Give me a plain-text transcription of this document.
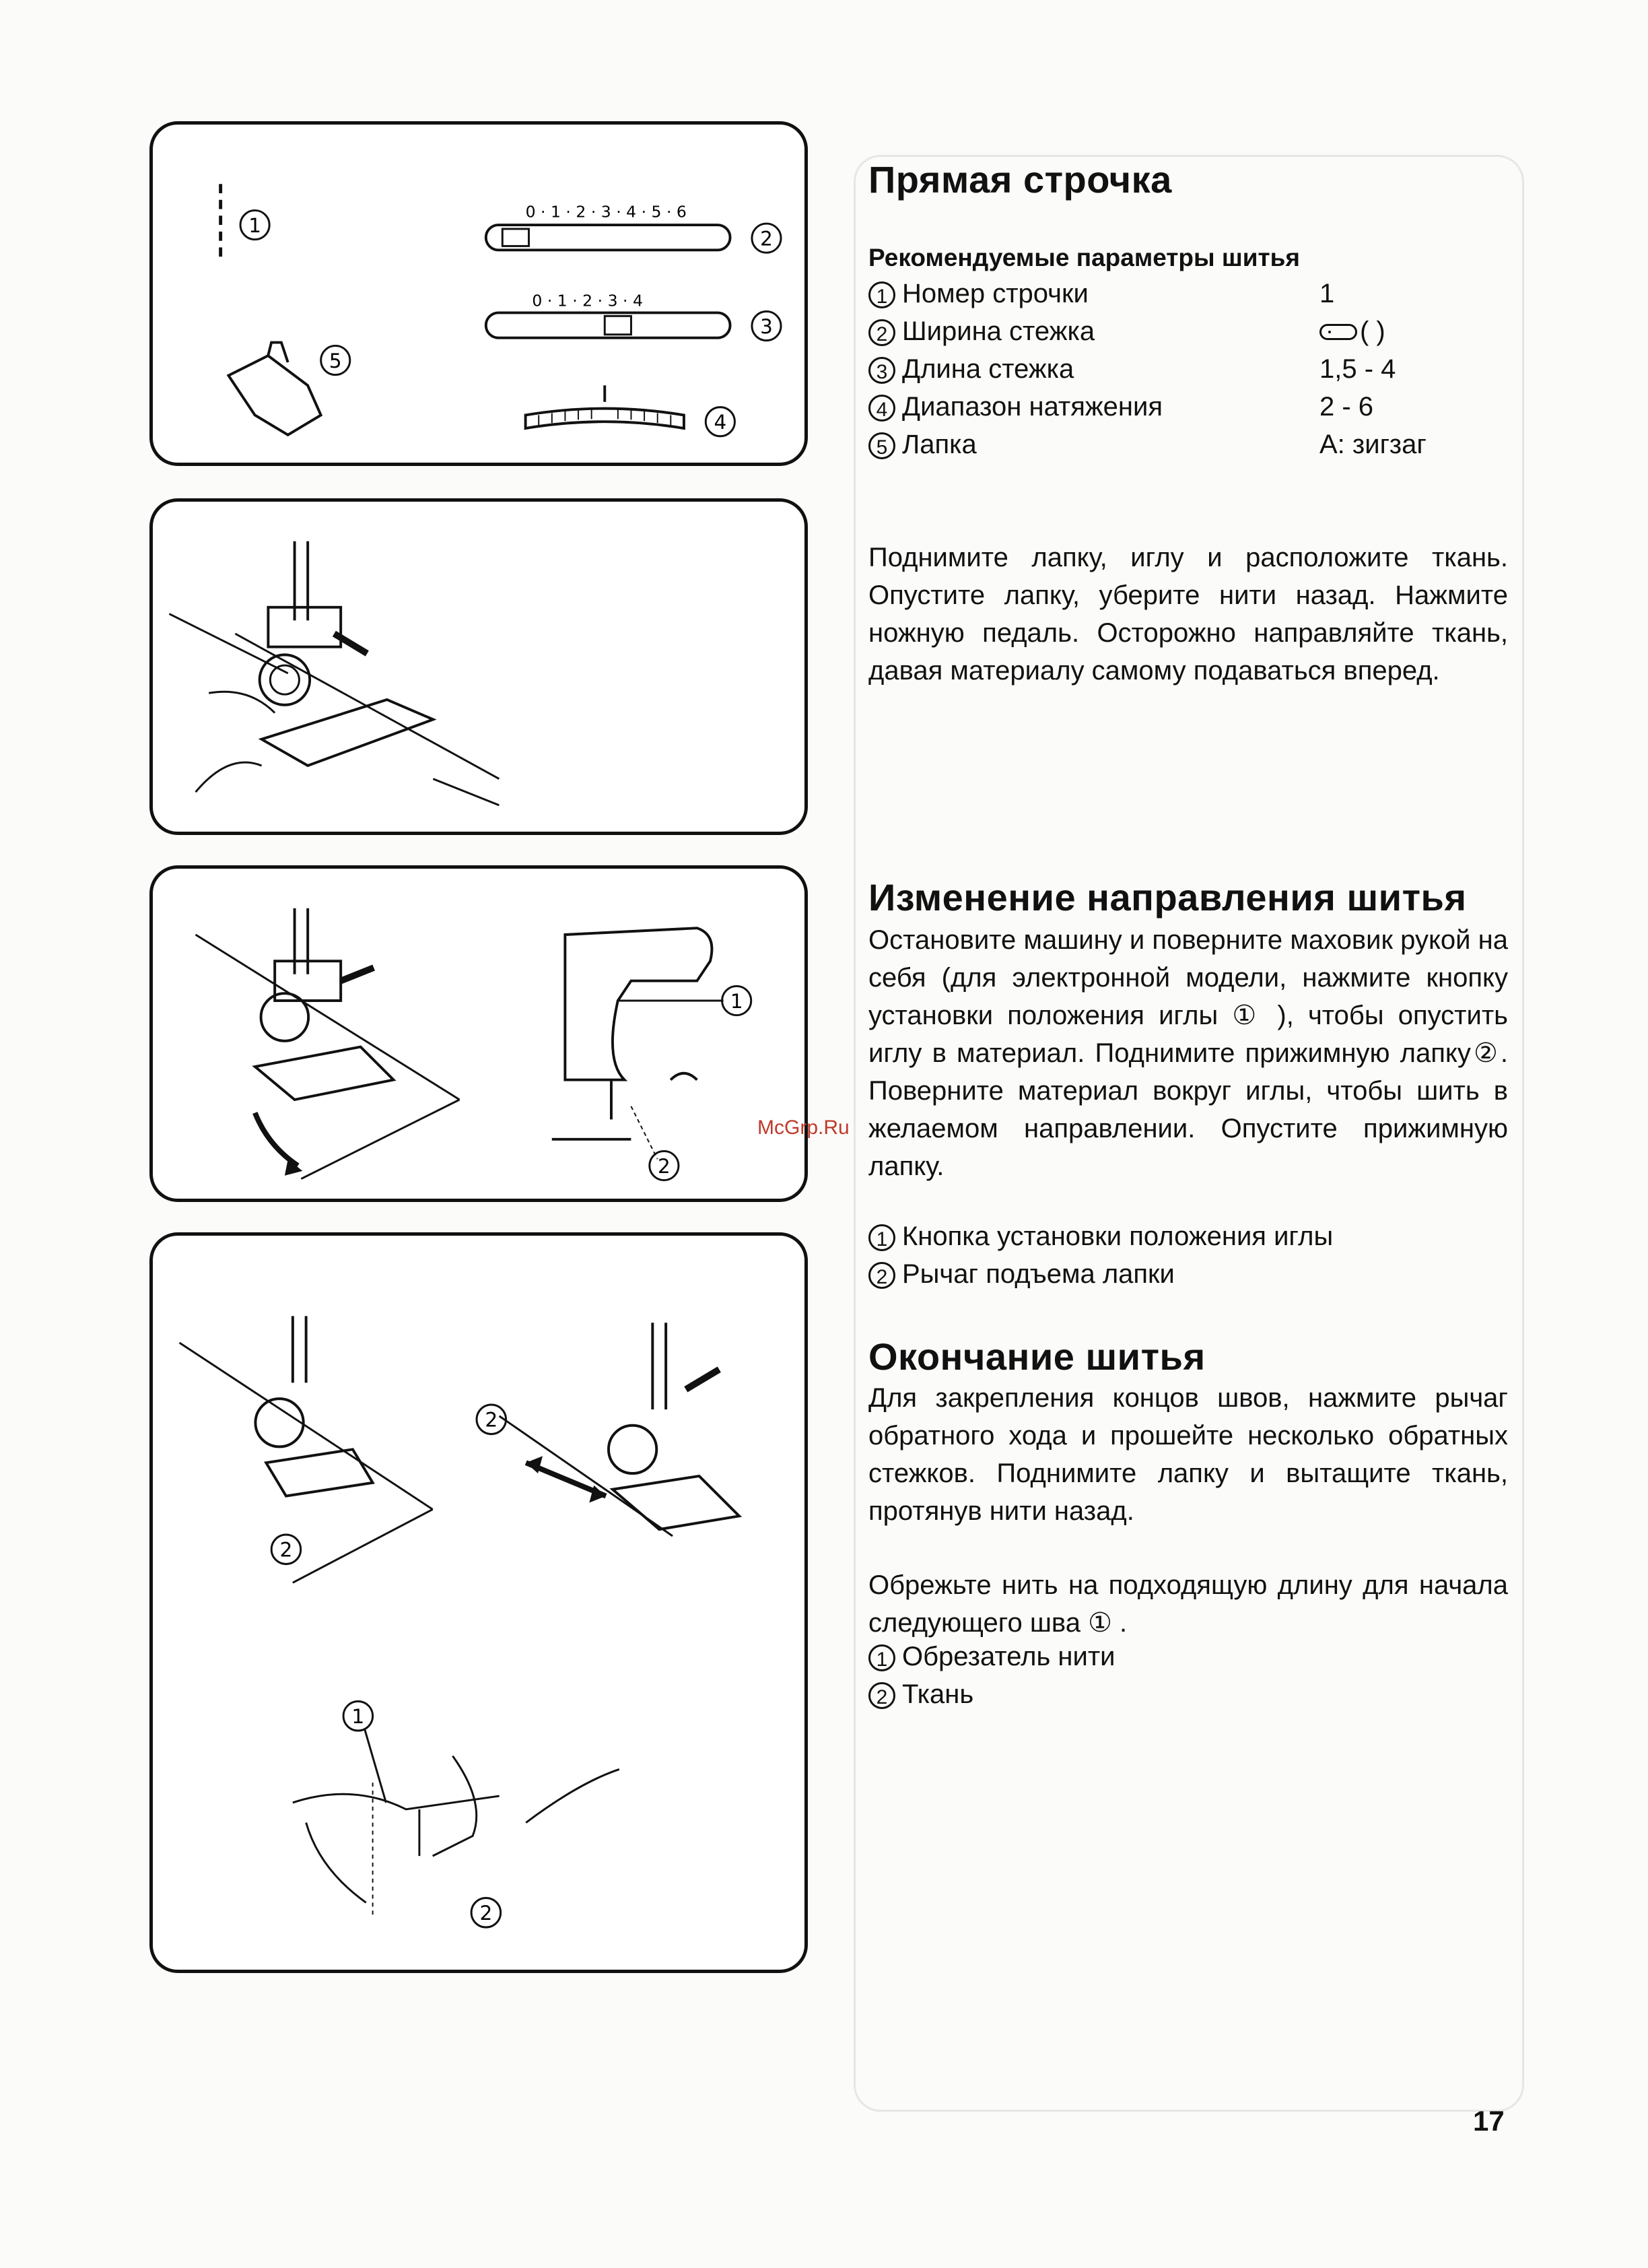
1
0 · 1 · 2 · 3 · 4 · 5 · 6
2
0 · 1 · 2 · 3 · 4
3
4
5
1
2
2
2
1
2
Прямая строчка
Рекомендуемые параметры шитья
1 Номер строчки	1
2 Ширина стежка	( )
3 Длина стежка	1,5 - 4
4 Диапазон натяжения	2 - 6
5 Лапка	А: зигзаг

Поднимите лапку, иглу и расположите ткань. Опустите лапку, уберите нити назад. Нажмите ножную педаль. Осторожно направляйте ткань, давая материалу самому подаваться вперед.

Изменение направления шитья

Остановите машину и поверните маховик рукой на себя (для электронной модели, нажмите кнопку установки положения иглы ① ), чтобы опустить иглу в материал. Поднимите прижимную лапку②. Поверните материал вокруг иглы, чтобы шить в желаемом направлении. Опустите прижимную лапку.

1 Кнопка установки положения иглы
2 Рычаг подъема лапки
Окончание шитья

Для закрепления концов швов, нажмите рычаг обратного хода и прошейте несколько обратных стежков. Поднимите лапку и вытащите ткань, протянув нити назад.

Обрежьте нить на подходящую длину для начала следующего шва ① .

1 Обрезатель нити
2 Ткань
McGrp.Ru
17
